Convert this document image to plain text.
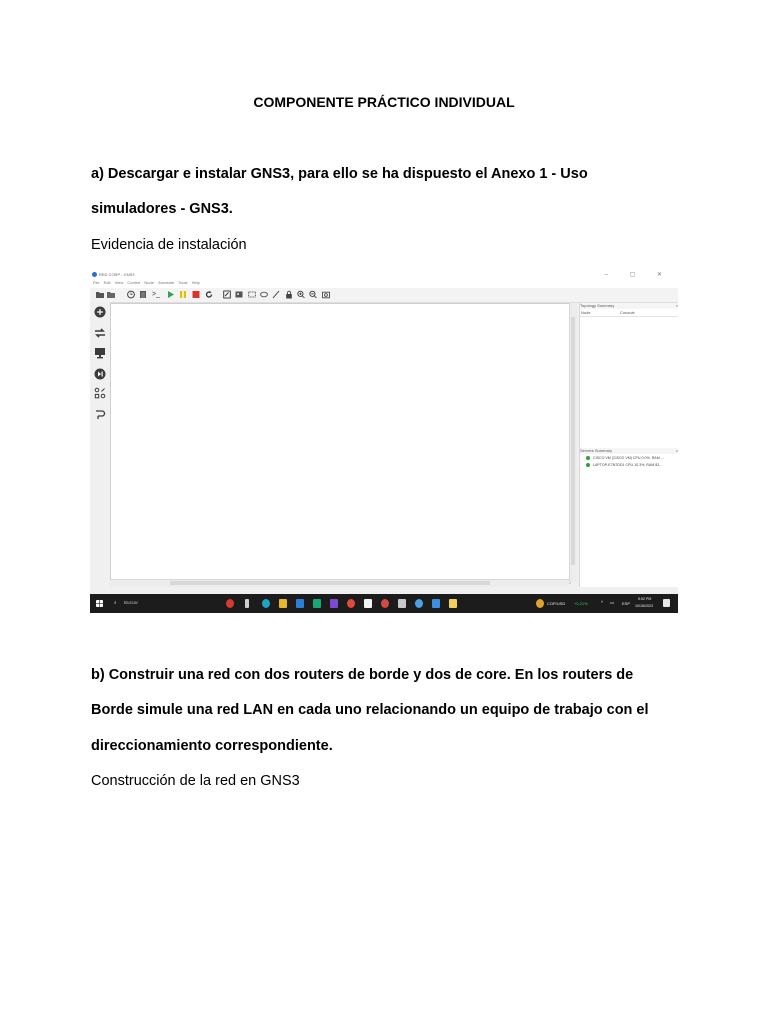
COMPONENTE PRÁCTICO INDIVIDUAL
a) Descargar e instalar GNS3, para ello se ha dispuesto el Anexo 1 - Uso
simuladores - GNS3.
Evidencia de instalación
RED CORP - GNS3	– ▢ ✕
File Edit View Control Node Annotate Tools Help
>_
Topology Summary	×
Node	Console
Servers Summary	×
CISCO VM (CISCO VM) CPU 0.0%, RAM ...
LAPTOP-E7N7DD1 CPU 10.3%, RAM 83...
⌕ Buscar	COP/USD +0,21%	^ ▭ ESP
5:52 PM
10/18/2023
b) Construir una red con dos routers de borde y dos de core. En los routers de
Borde simule una red LAN en cada uno relacionando un equipo de trabajo con el
direccionamiento correspondiente.
Construcción de la red en GNS3
